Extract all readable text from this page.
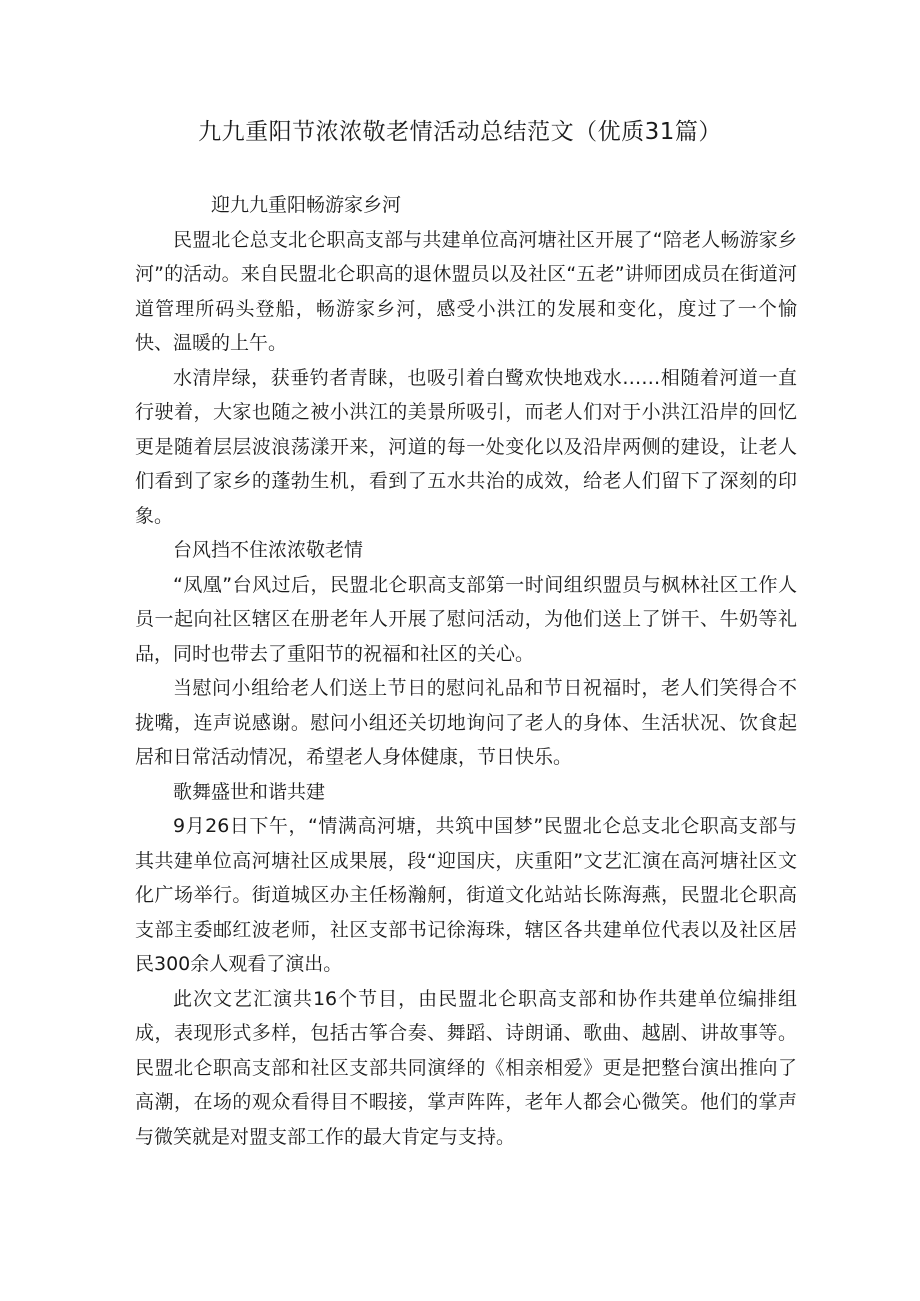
九九重阳节浓浓敬老情活动总结范文（优质31篇）

迎九九重阳畅游家乡河

民盟北仑总支北仑职高支部与共建单位高河塘社区开展了“陪老人畅游家乡河”的活动。来自民盟北仑职高的退休盟员以及社区“五老”讲师团成员在街道河道管理所码头登船，畅游家乡河，感受小洪江的发展和变化，度过了一个愉快、温暖的上午。

水清岸绿，获垂钓者青睐，也吸引着白鹭欢快地戏水……相随着河道一直行驶着，大家也随之被小洪江的美景所吸引，而老人们对于小洪江沿岸的回忆更是随着层层波浪荡漾开来，河道的每一处变化以及沿岸两侧的建设，让老人们看到了家乡的蓬勃生机，看到了五水共治的成效，给老人们留下了深刻的印象。

台风挡不住浓浓敬老情

“凤凰”台风过后，民盟北仑职高支部第一时间组织盟员与枫林社区工作人员一起向社区辖区在册老年人开展了慰问活动，为他们送上了饼干、牛奶等礼品，同时也带去了重阳节的祝福和社区的关心。

当慰问小组给老人们送上节日的慰问礼品和节日祝福时，老人们笑得合不拢嘴，连声说感谢。慰问小组还关切地询问了老人的身体、生活状况、饮食起居和日常活动情况，希望老人身体健康，节日快乐。

歌舞盛世和谐共建

9月26日下午，“情满高河塘，共筑中国梦”民盟北仑总支北仑职高支部与其共建单位高河塘社区成果展，段“迎国庆，庆重阳”文艺汇演在高河塘社区文化广场举行。街道城区办主任杨瀚舸，街道文化站站长陈海燕，民盟北仑职高支部主委邮红波老师，社区支部书记徐海珠，辖区各共建单位代表以及社区居民300余人观看了演出。

此次文艺汇演共16个节目，由民盟北仑职高支部和协作共建单位编排组成，表现形式多样，包括古筝合奏、舞蹈、诗朗诵、歌曲、越剧、讲故事等。民盟北仑职高支部和社区支部共同演绎的《相亲相爱》更是把整台演出推向了高潮，在场的观众看得目不暇接，掌声阵阵，老年人都会心微笑。他们的掌声与微笑就是对盟支部工作的最大肯定与支持。
